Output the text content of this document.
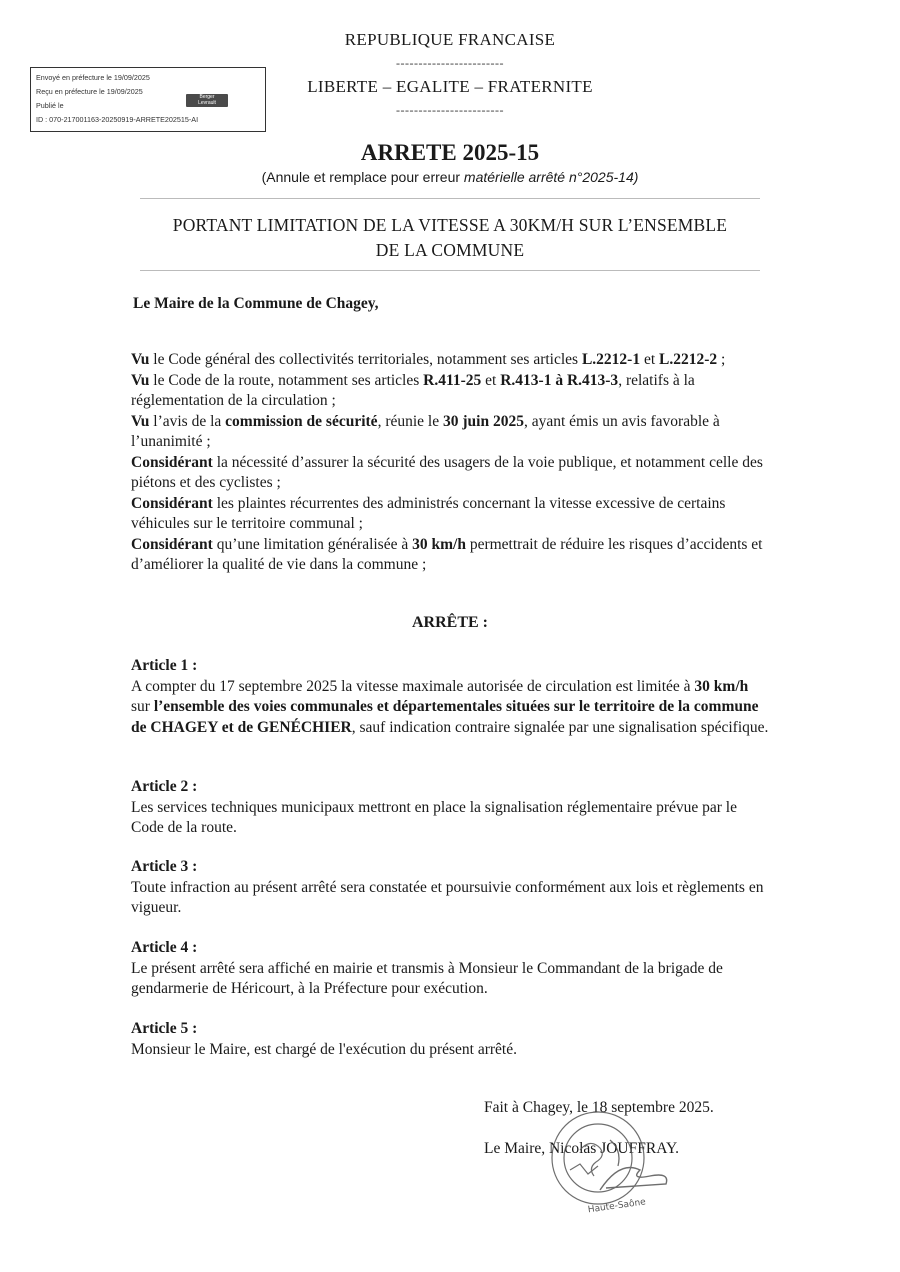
Envoyé en préfecture le 19/09/2025
Reçu en préfecture le 19/09/2025
Publié le
ID : 070-217001163-20250919-ARRETE202515-AI
Berger
Levrault
REPUBLIQUE FRANCAISE
------------------------
LIBERTE – EGALITE – FRATERNITE
------------------------
ARRETE 2025-15
(Annule et remplace pour erreur matérielle arrêté n°2025-14)
PORTANT LIMITATION DE LA VITESSE A 30KM/H SUR L’ENSEMBLE
DE LA COMMUNE
Le Maire de la Commune de Chagey,

Vu le Code général des collectivités territoriales, notamment ses articles L.2212-1 et L.2212-2 ;

Vu le Code de la route, notamment ses articles R.411-25 et R.413-1 à R.413-3, relatifs à la réglementation de la circulation ;

Vu l’avis de la commission de sécurité, réunie le 30 juin 2025, ayant émis un avis favorable à l’unanimité ;

Considérant la nécessité d’assurer la sécurité des usagers de la voie publique, et notamment celle des piétons et des cyclistes ;

Considérant les plaintes récurrentes des administrés concernant la vitesse excessive de certains véhicules sur le territoire communal ;

Considérant qu’une limitation généralisée à 30 km/h permettrait de réduire les risques d’accidents et d’améliorer la qualité de vie dans la commune ;

ARRÊTE :
Article 1 :

A compter du 17 septembre 2025 la vitesse maximale autorisée de circulation est limitée à 30 km/h sur l’ensemble des voies communales et départementales situées sur le territoire de la commune de CHAGEY et de GENÉCHIER, sauf indication contraire signalée par une signalisation spécifique.

Article 2 :

Les services techniques municipaux mettront en place la signalisation réglementaire prévue par le Code de la route.

Article 3 :

Toute infraction au présent arrêté sera constatée et poursuivie conformément aux lois et règlements en vigueur.

Article 4 :

Le présent arrêté sera affiché en mairie et transmis à Monsieur le Commandant de la brigade de gendarmerie de Héricourt, à la Préfecture pour exécution.

Article 5 :

Monsieur le Maire, est chargé de l'exécution du présent arrêté.

Fait à Chagey, le 18 septembre 2025.
Le Maire, Nicolas JOUFFRAY.
Haute-Saône
